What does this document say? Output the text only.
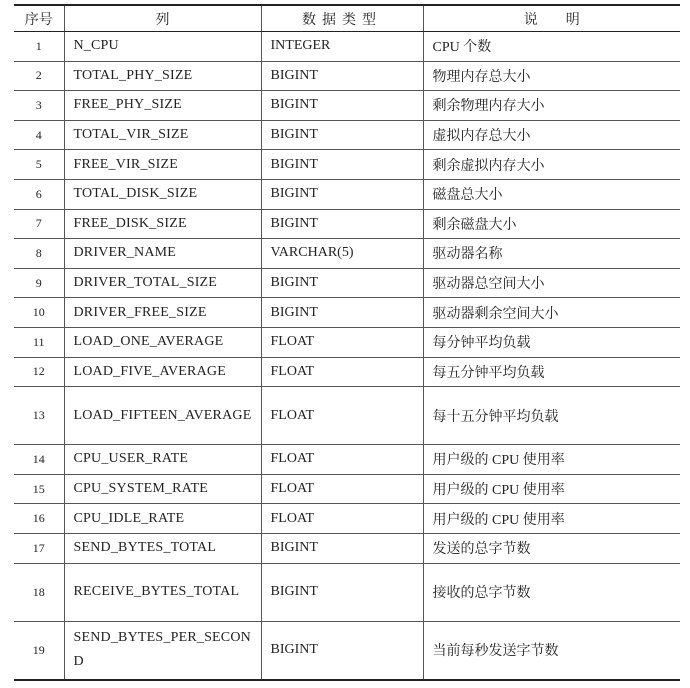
序号	列	数据类型	说　　明
1	N_CPU	INTEGER	CPU 个数
2	TOTAL_PHY_SIZE	BIGINT	物理内存总大小
3	FREE_PHY_SIZE	BIGINT	剩余物理内存大小
4	TOTAL_VIR_SIZE	BIGINT	虚拟内存总大小
5	FREE_VIR_SIZE	BIGINT	剩余虚拟内存大小
6	TOTAL_DISK_SIZE	BIGINT	磁盘总大小
7	FREE_DISK_SIZE	BIGINT	剩余磁盘大小
8	DRIVER_NAME	VARCHAR(5)	驱动器名称
9	DRIVER_TOTAL_SIZE	BIGINT	驱动器总空间大小
10	DRIVER_FREE_SIZE	BIGINT	驱动器剩余空间大小
11	LOAD_ONE_AVERAGE	FLOAT	每分钟平均负载
12	LOAD_FIVE_AVERAGE	FLOAT	每五分钟平均负载
13	LOAD_FIFTEEN_AVERAGE	FLOAT	每十五分钟平均负载
14	CPU_USER_RATE	FLOAT	用户级的 CPU 使用率
15	CPU_SYSTEM_RATE	FLOAT	用户级的 CPU 使用率
16	CPU_IDLE_RATE	FLOAT	用户级的 CPU 使用率
17	SEND_BYTES_TOTAL	BIGINT	发送的总字节数
18	RECEIVE_BYTES_TOTAL	BIGINT	接收的总字节数
19	SEND_BYTES_PER_SECOND	BIGINT	当前每秒发送字节数
